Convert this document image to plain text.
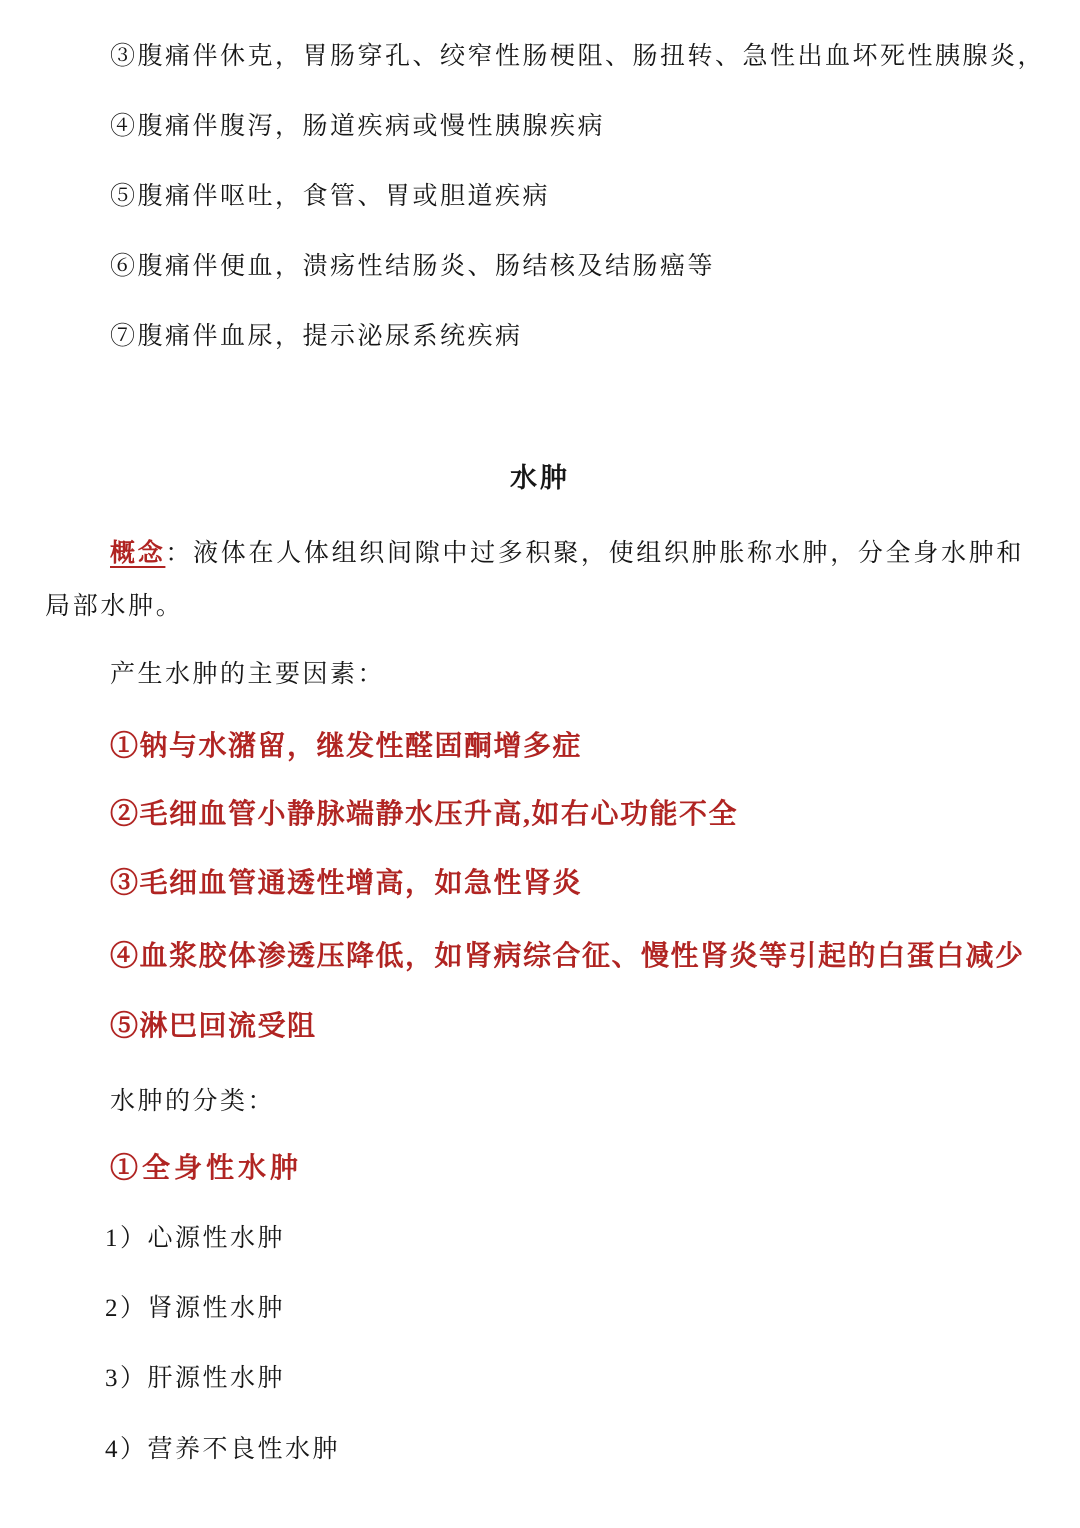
③腹痛伴休克，胃肠穿孔、绞窄性肠梗阻、肠扭转、急性出血坏死性胰腺炎，
④腹痛伴腹泻，肠道疾病或慢性胰腺疾病
⑤腹痛伴呕吐，食管、胃或胆道疾病
⑥腹痛伴便血，溃疡性结肠炎、肠结核及结肠癌等
⑦腹痛伴血尿，提示泌尿系统疾病
水肿

概念：液体在人体组织间隙中过多积聚，使组织肿胀称水肿，分全身水肿和局部水肿。

产生水肿的主要因素：
①钠与水潴留，继发性醛固酮增多症
②毛细血管小静脉端静水压升高,如右心功能不全
③毛细血管通透性增高，如急性肾炎
④血浆胶体渗透压降低，如肾病综合征、慢性肾炎等引起的白蛋白减少
⑤淋巴回流受阻
水肿的分类：
①全身性水肿
1）心源性水肿
2）肾源性水肿
3）肝源性水肿
4）营养不良性水肿
